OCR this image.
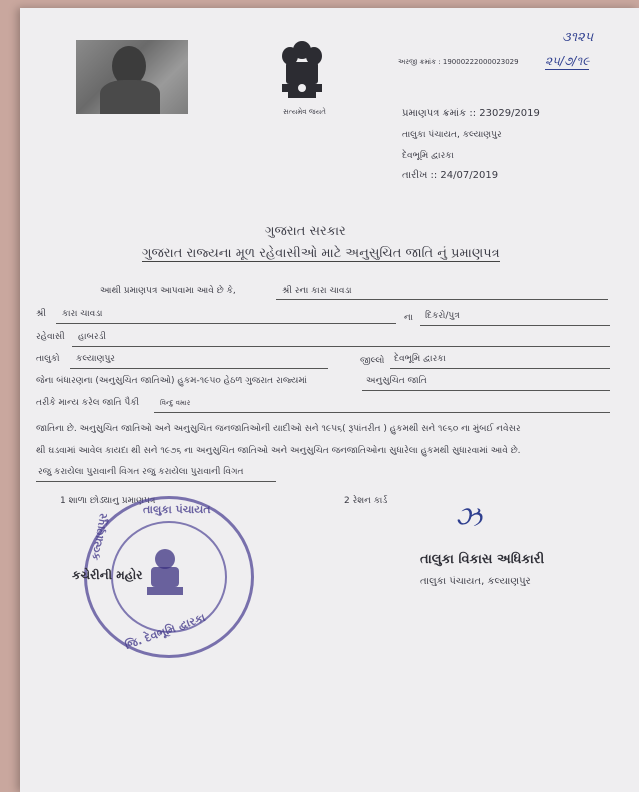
સત્યમેવ જયતે
અરજી ક્રમાંક : 19000222000023029
૩૧૨૫
૨૫/૭/૧૯
પ્રમાણપત્ર ક્રમાંક :: 23029/2019
તાલુકા પંચાયત, કલ્યાણપુર
દેવભૂમિ દ્વારકા
તારીખ :: 24/07/2019
ગુજરાત સરકાર
ગુજરાત રાજ્યના મૂળ રહેવાસીઓ માટે અનુસુચિત જાતિ નું પ્રમાણપત્ર
આથી પ્રમાણપત્ર આપવામા આવે છે કે,	શ્રી રના કારા ચાવડા
શ્રી કારા ચાવડા	ના દિકરો/પુત્ર
રહેવાસી હાબરડી
તાલુકો કલ્યાણપુર	જીલ્લો દેવભૂમિ દ્વારકા
જેના બંધારણના (અનુસુચિત જાતિઓ) હુકમ-૧૯૫૦ હેઠળ ગુજરાત રાજ્યમાં	અનુસુચિત જાતિ
તરીકે માન્ય કરેલ જાતિ પૈકી	વિન્દુ વમાર
જાતિના છે. અનુસુચિત જાતિઓ અને અનુસુચિત જનજાતિઓની યાદીઓ સને ૧૯૫૬( રૂપાંતરીત ) હુકમથી સને ૧૯૬૦ ના મુંબઈ નવેસર
થી ઘડવામાં આવેલ કાયદા થી સને ૧૯૭૬ ના અનુસુચિત જાતિઓ અને અનુસુચિત જનજાતિઓના સુધારેલા હુકમથી સુધારવામાં આવે છે.
રજુ કરાયેલા પુરાવાની વિગત રજુ કરાયેલા પુરાવાની વિગત
1 શાળા છોડ્યાનુ પ્રમાણપત્ર	2 રેશન કાર્ડ
તાલુકા પંચાયત
કલ્યાણપુર
જિ. દેવભૂમિ દ્વારકા
કચેરીની મહોર
ઝ
તાલુકા વિકાસ અધિકારી
તાલુકા પંચાયત, કલ્યાણપુર
